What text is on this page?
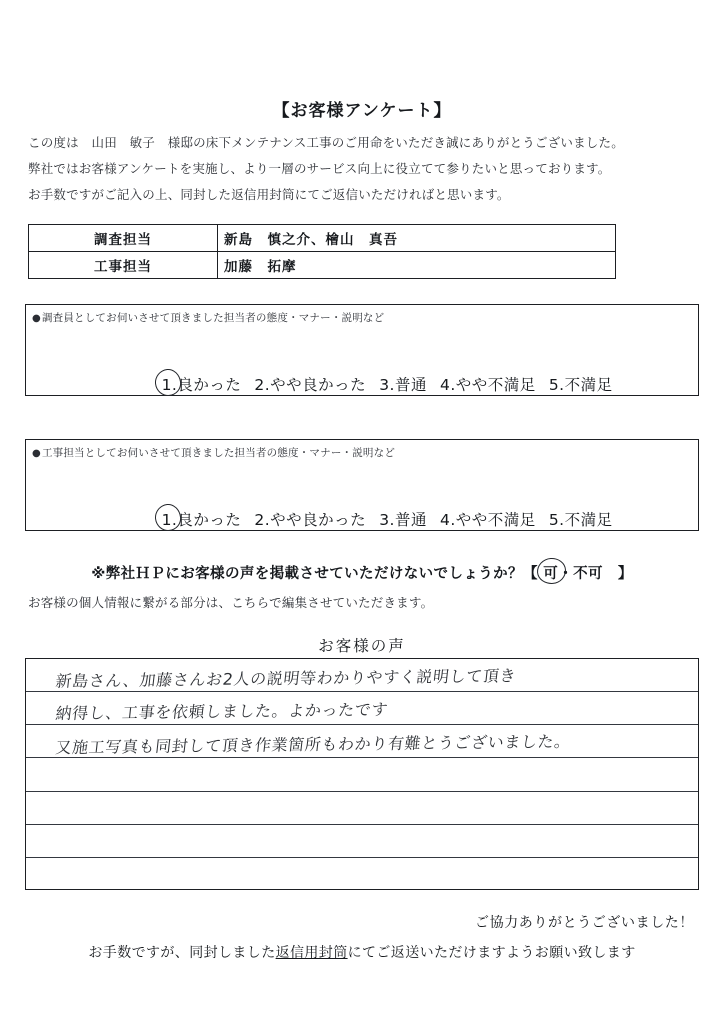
【お客様アンケート】
この度は　山田　敏子　様邸の床下メンテナンス工事のご用命をいただき誠にありがとうございました。
弊社ではお客様アンケートを実施し、より一層のサービス向上に役立てて参りたいと思っております。
お手数ですがご記入の上、同封した返信用封筒にてご返信いただければと思います。
調査担当	新島　慎之介、檜山　真吾
工事担当	加藤　拓摩
●調査員としてお伺いさせて頂きました担当者の態度・マナー・説明など

1.良かった 2.やや良かった 3.普通 4.やや不満足 5.不満足

●工事担当としてお伺いさせて頂きました担当者の態度・マナー・説明など

1.良かった 2.やや良かった 3.普通 4.やや不満足 5.不満足

※弊社ＨＰにお客様の声を掲載させていただけないでしょうか？【
可・不可　】
お客様の個人情報に繋がる部分は、こちらで編集させていただきます。
お客様の声
新島さん、加藤さんお2人の説明等わかりやすく説明して頂き
納得し、工事を依頼しました。よかったです
又施工写真も同封して頂き作業箇所もわかり有難とうございました。
ご協力ありがとうございました！
お手数ですが、同封しました返信用封筒にてご返送いただけますようお願い致します
